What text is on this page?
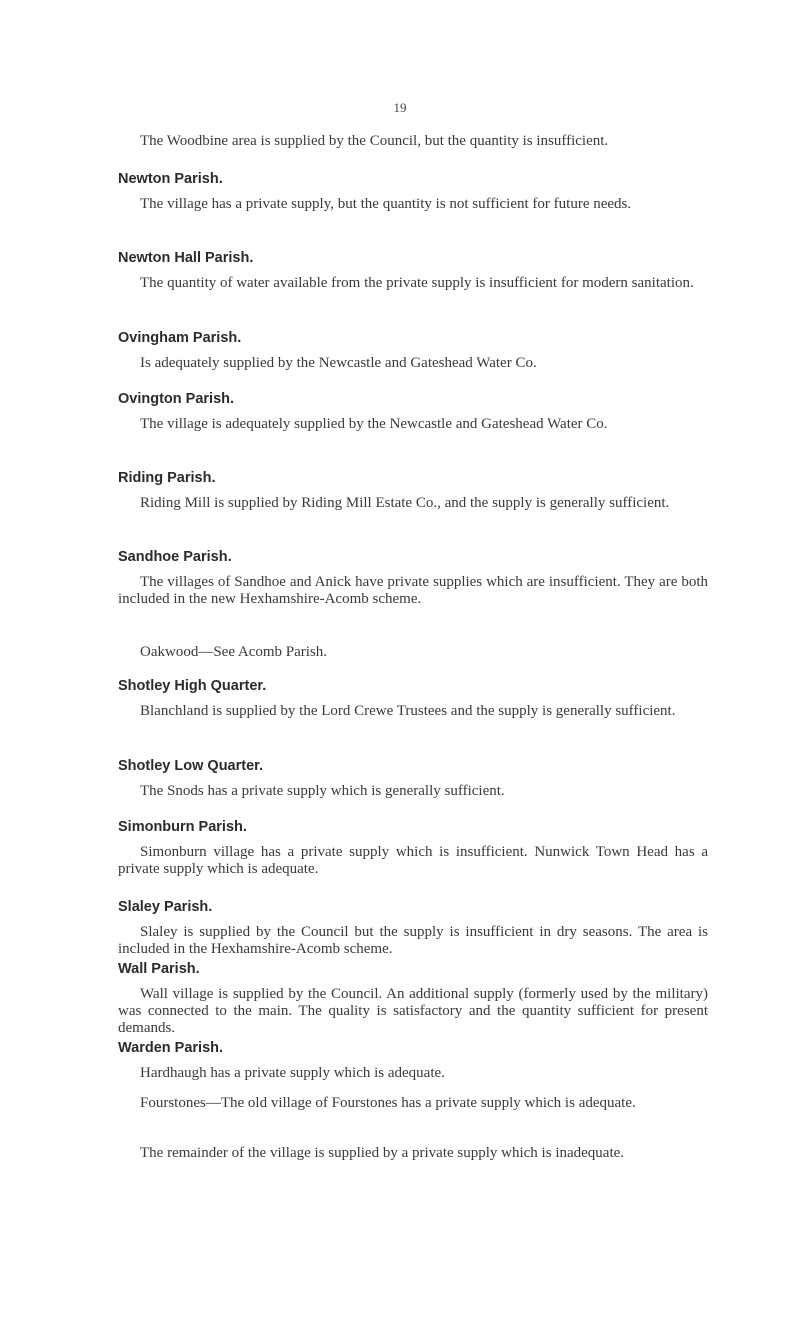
19

The Woodbine area is supplied by the Council, but the quantity is insufficient.

Newton Parish.

The village has a private supply, but the quantity is not sufficient for future needs.

Newton Hall Parish.

The quantity of water available from the private supply is insufficient for modern sanitation.

Ovingham Parish.

Is adequately supplied by the Newcastle and Gateshead Water Co.

Ovington Parish.

The village is adequately supplied by the Newcastle and Gateshead Water Co.

Riding Parish.

Riding Mill is supplied by Riding Mill Estate Co., and the supply is generally sufficient.

Sandhoe Parish.

The villages of Sandhoe and Anick have private supplies which are insufficient. They are both included in the new Hexhamshire-Acomb scheme.

Oakwood—See Acomb Parish.

Shotley High Quarter.

Blanchland is supplied by the Lord Crewe Trustees and the supply is generally sufficient.

Shotley Low Quarter.

The Snods has a private supply which is generally sufficient.

Simonburn Parish.

Simonburn village has a private supply which is insufficient. Nunwick Town Head has a private supply which is adequate.

Slaley Parish.

Slaley is supplied by the Council but the supply is insufficient in dry seasons. The area is included in the Hexhamshire-Acomb scheme.

Wall Parish.

Wall village is supplied by the Council. An additional supply (formerly used by the military) was connected to the main. The quality is satisfactory and the quantity sufficient for present demands.

Warden Parish.

Hardhaugh has a private supply which is adequate.

Fourstones—The old village of Fourstones has a private supply which is adequate.

The remainder of the village is supplied by a private supply which is inadequate.
